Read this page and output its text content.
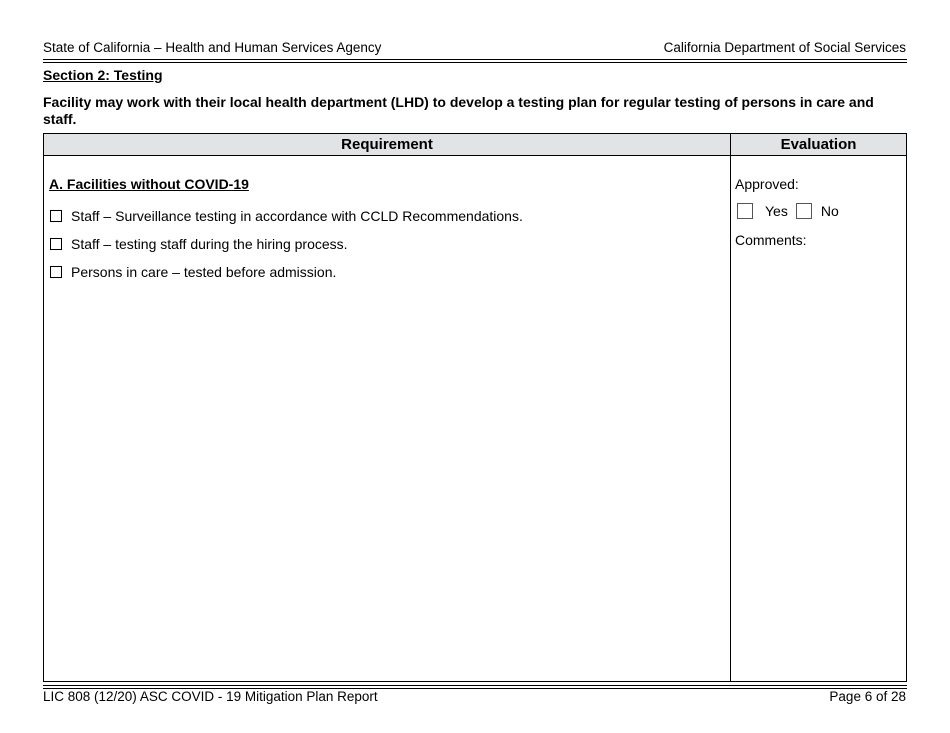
State of California – Health and Human Services Agency	California Department of Social Services
Section 2: Testing
Facility may work with their local health department (LHD) to develop a testing plan for regular testing of persons in care and staff.
Requirement	Evaluation
A. Facilities without COVID-19
Staff – Surveillance testing in accordance with CCLD Recommendations.
Staff – testing staff during the hiring process.
Persons in care – tested before admission.
Approved:
Yes No
Comments:
LIC 808 (12/20) ASC COVID - 19 Mitigation Plan Report	Page 6 of 28
